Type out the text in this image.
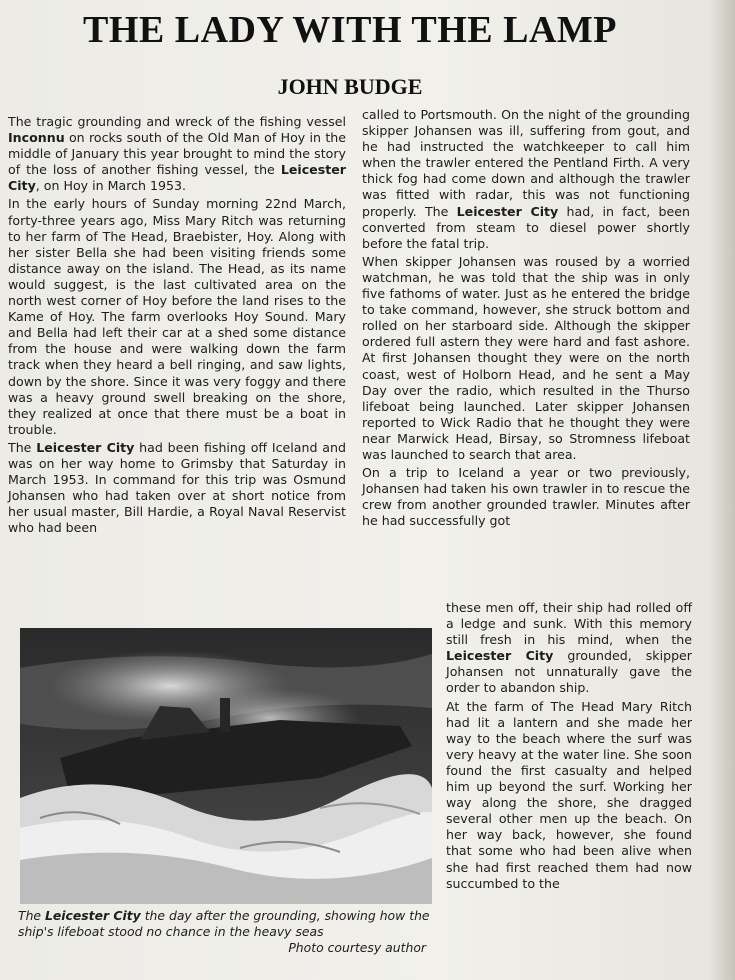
THE LADY WITH THE LAMP
JOHN BUDGE

The tragic grounding and wreck of the fishing vessel Inconnu on rocks south of the Old Man of Hoy in the middle of January this year brought to mind the story of the loss of another fishing vessel, the Leicester City, on Hoy in March 1953.

In the early hours of Sunday morning 22nd March, forty-three years ago, Miss Mary Ritch was returning to her farm of The Head, Braebister, Hoy. Along with her sister Bella she had been visiting friends some distance away on the island. The Head, as its name would suggest, is the last cultivated area on the north west corner of Hoy before the land rises to the Kame of Hoy. The farm overlooks Hoy Sound. Mary and Bella had left their car at a shed some distance from the house and were walking down the farm track when they heard a bell ringing, and saw lights, down by the shore. Since it was very foggy and there was a heavy ground swell breaking on the shore, they realized at once that there must be a boat in trouble.

The Leicester City had been fishing off Iceland and was on her way home to Grimsby that Saturday in March 1953. In command for this trip was Osmund Johansen who had taken over at short notice from her usual master, Bill Hardie, a Royal Naval Reservist who had been

called to Portsmouth. On the night of the grounding skipper Johansen was ill, suffering from gout, and he had instructed the watchkeeper to call him when the trawler entered the Pentland Firth. A very thick fog had come down and although the trawler was fitted with radar, this was not functioning properly. The Leicester City had, in fact, been converted from steam to diesel power shortly before the fatal trip.

When skipper Johansen was roused by a worried watchman, he was told that the ship was in only five fathoms of water. Just as he entered the bridge to take command, however, she struck bottom and rolled on her starboard side. Although the skipper ordered full astern they were hard and fast ashore. At first Johansen thought they were on the north coast, west of Holborn Head, and he sent a May Day over the radio, which resulted in the Thurso lifeboat being launched. Later skipper Johansen reported to Wick Radio that he thought they were near Marwick Head, Birsay, so Stromness lifeboat was launched to search that area.

On a trip to Iceland a year or two previously, Johansen had taken his own trawler in to rescue the crew from another grounded trawler. Minutes after he had successfully got

these men off, their ship had rolled off a ledge and sunk. With this memory still fresh in his mind, when the Leicester City grounded, skipper Johansen not unnaturally gave the order to abandon ship.

At the farm of The Head Mary Ritch had lit a lantern and she made her way to the beach where the surf was very heavy at the water line. She soon found the first casualty and helped him up beyond the surf. Working her way along the shore, she dragged several other men up the beach. On her way back, however, she found that some who had been alive when she had first reached them had now succumbed to the

The Leicester City the day after the grounding, showing how the ship's lifeboat stood no chance in the heavy seas
Photo courtesy author
